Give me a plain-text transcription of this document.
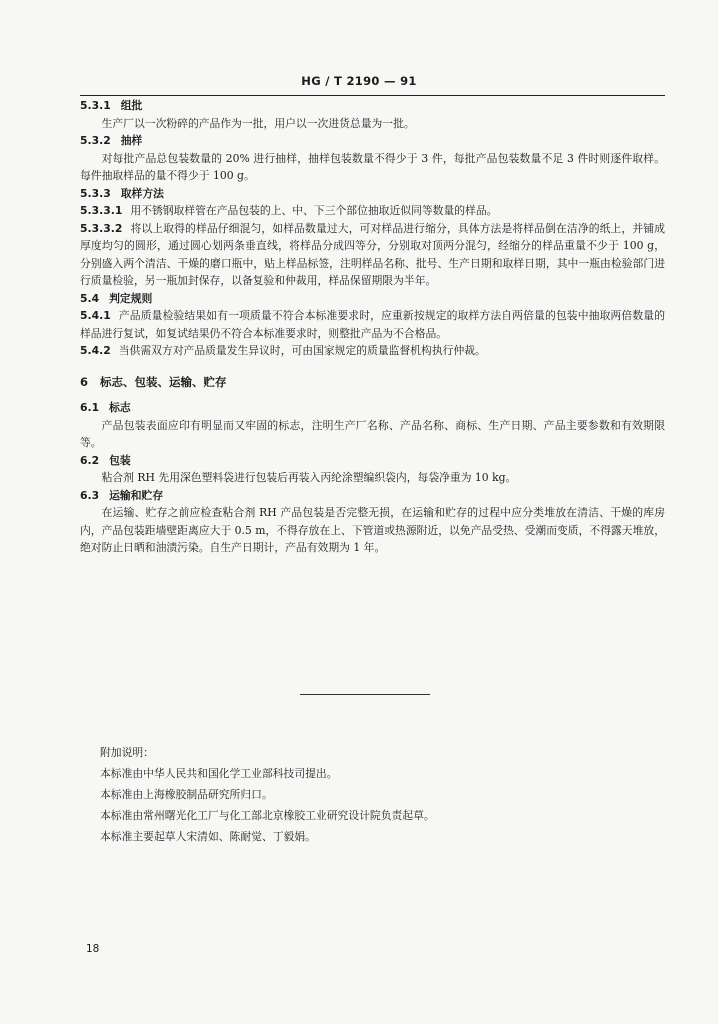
HG / T 2190 — 91

5.3.1 组批

生产厂以一次粉碎的产品作为一批，用户以一次进货总量为一批。

5.3.2 抽样

对每批产品总包装数量的 20% 进行抽样，抽样包装数量不得少于 3 件，每批产品包装数量不足 3 件时则逐件取样。每件抽取样品的量不得少于 100 g。

5.3.3 取样方法

5.3.3.1 用不锈钢取样管在产品包装的上、中、下三个部位抽取近似同等数量的样品。

5.3.3.2 将以上取得的样品仔细混匀，如样品数量过大，可对样品进行缩分，具体方法是将样品倒在洁净的纸上，并铺成厚度均匀的圆形，通过圆心划两条垂直线，将样品分成四等分，分别取对顶两分混匀，经缩分的样品重量不少于 100 g，分别盛入两个清洁、干燥的磨口瓶中，贴上样品标签，注明样品名称、批号、生产日期和取样日期，其中一瓶由检验部门进行质量检验，另一瓶加封保存，以备复验和仲裁用，样品保留期限为半年。

5.4 判定规则

5.4.1 产品质量检验结果如有一项质量不符合本标准要求时，应重新按规定的取样方法自两倍量的包装中抽取两倍数量的样品进行复试，如复试结果仍不符合本标准要求时，则整批产品为不合格品。

5.4.2 当供需双方对产品质量发生异议时，可由国家规定的质量监督机构执行仲裁。

6 标志、包装、运输、贮存

6.1 标志

产品包装表面应印有明显而又牢固的标志，注明生产厂名称、产品名称、商标、生产日期、产品主要参数和有效期限等。

6.2 包装

粘合剂 RH 先用深色塑料袋进行包装后再装入丙纶涂塑编织袋内，每袋净重为 10 kg。

6.3 运输和贮存

在运输、贮存之前应检查粘合剂 RH 产品包装是否完整无损，在运输和贮存的过程中应分类堆放在清洁、干燥的库房内，产品包装距墙壁距离应大于 0.5 m，不得存放在上、下管道或热源附近，以免产品受热、受潮而变质，不得露天堆放，绝对防止日晒和油渍污染。自生产日期计，产品有效期为 1 年。

附加说明：

本标准由中华人民共和国化学工业部科技司提出。

本标准由上海橡胶制品研究所归口。

本标准由常州曙光化工厂与化工部北京橡胶工业研究设计院负责起草。

本标准主要起草人宋清如、陈耐觉、丁毅娟。

18
